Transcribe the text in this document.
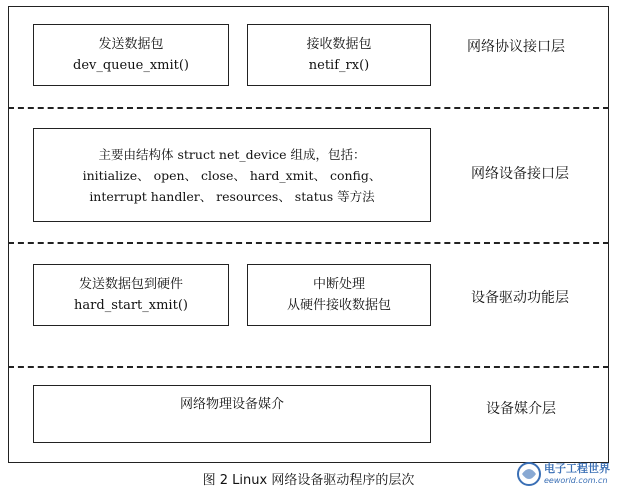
发送数据包
dev_queue_xmit()
接收数据包
netif_rx()
网络协议接口层
主要由结构体 struct net_device 组成，包括：
initialize、 open、 close、 hard_xmit、 config、
interrupt handler、 resources、 status 等方法
网络设备接口层
发送数据包到硬件
hard_start_xmit()
中断处理
从硬件接收数据包	设备驱动功能层
网络物理设备媒介	设备媒介层
图 2 Linux 网络设备驱动程序的层次
电子工程世界
eeworld.com.cn
